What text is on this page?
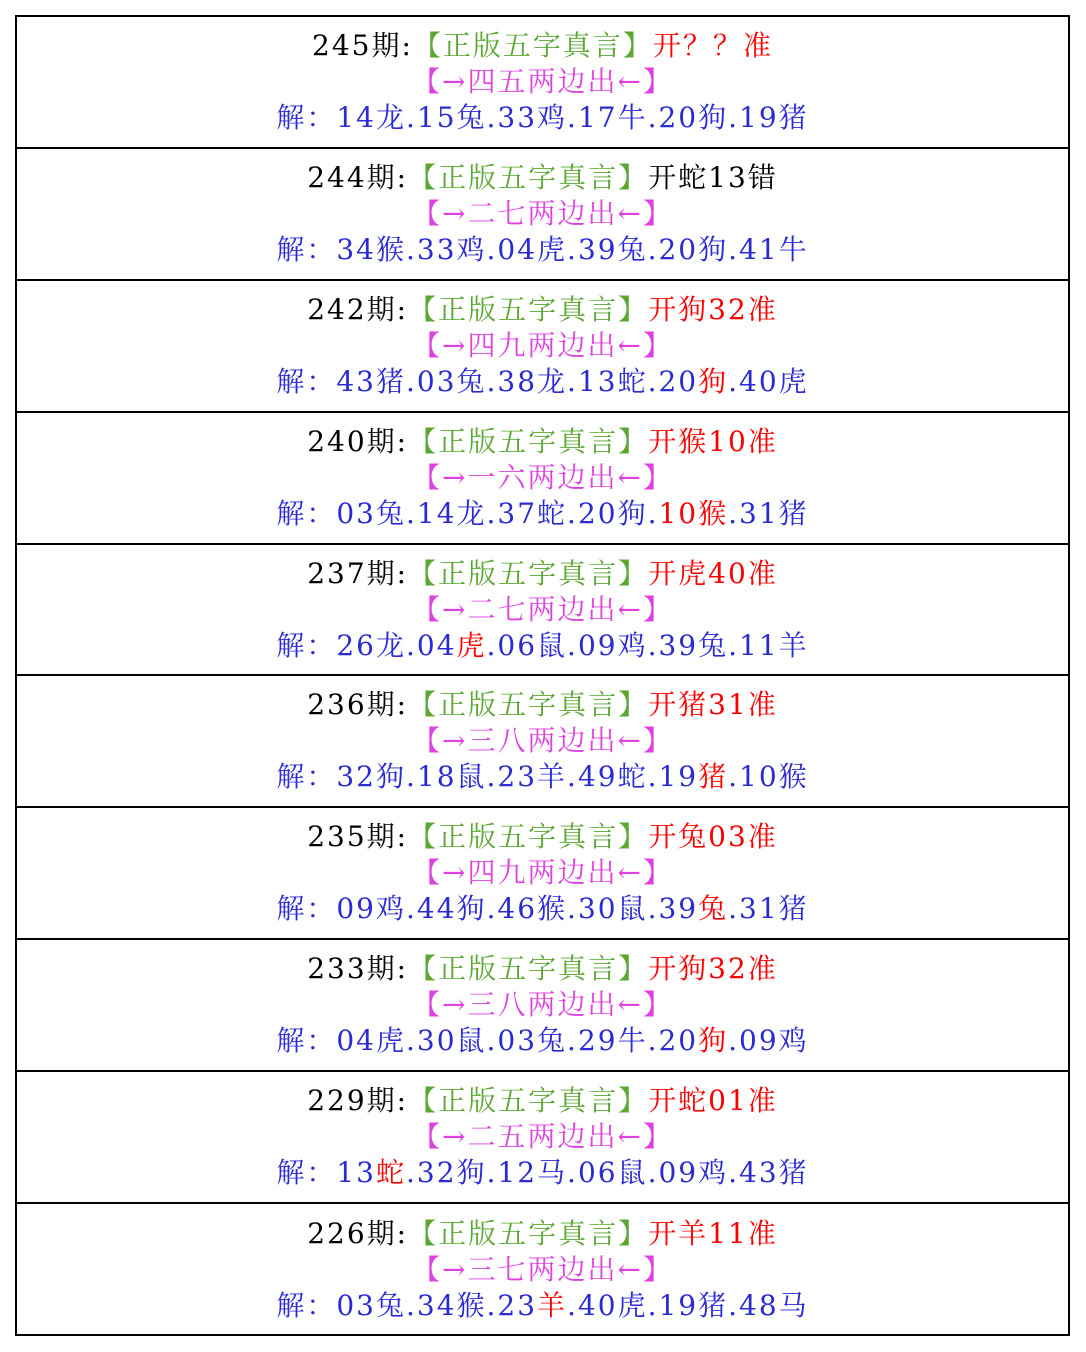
245期:【正版五字真言】开？？准
【→四五两边出←】
解：14龙.15兔.33鸡.17牛.20狗.19猪
244期:【正版五字真言】开蛇13错
【→二七两边出←】
解：34猴.33鸡.04虎.39兔.20狗.41牛
242期:【正版五字真言】开狗32准
【→四九两边出←】
解：43猪.03兔.38龙.13蛇.20狗.40虎
240期:【正版五字真言】开猴10准
【→一六两边出←】
解：03兔.14龙.37蛇.20狗.10猴.31猪
237期:【正版五字真言】开虎40准
【→二七两边出←】
解：26龙.04虎.06鼠.09鸡.39兔.11羊
236期:【正版五字真言】开猪31准
【→三八两边出←】
解：32狗.18鼠.23羊.49蛇.19猪.10猴
235期:【正版五字真言】开兔03准
【→四九两边出←】
解：09鸡.44狗.46猴.30鼠.39兔.31猪
233期:【正版五字真言】开狗32准
【→三八两边出←】
解：04虎.30鼠.03兔.29牛.20狗.09鸡
229期:【正版五字真言】开蛇01准
【→二五两边出←】
解：13蛇.32狗.12马.06鼠.09鸡.43猪
226期:【正版五字真言】开羊11准
【→三七两边出←】
解：03兔.34猴.23羊.40虎.19猪.48马
